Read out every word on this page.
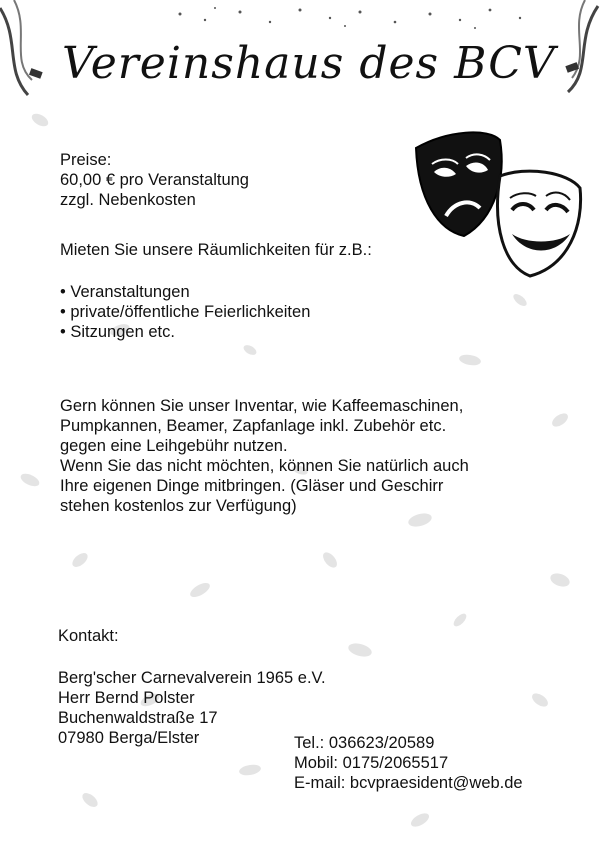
Vereinshaus des BCV
Preise:
60,00 € pro Veranstaltung
zzgl. Nebenkosten
Mieten Sie unsere Räumlichkeiten für z.B.:
• Veranstaltungen
• private/öffentliche Feierlichkeiten
• Sitzungen etc.
Gern können Sie unser Inventar, wie Kaffeemaschinen,
Pumpkannen, Beamer, Zapfanlage inkl. Zubehör etc.
gegen eine Leihgebühr nutzen.
Wenn Sie das nicht möchten, können Sie natürlich auch
Ihre eigenen Dinge mitbringen. (Gläser und Geschirr
stehen kostenlos zur Verfügung)
Kontakt:
Berg'scher Carnevalverein 1965 e.V.
Herr Bernd Polster
Buchenwaldstraße 17
07980 Berga/Elster	Tel.: 036623/20589
Mobil: 0175/2065517
E-mail: bcvpraesident@web.de
